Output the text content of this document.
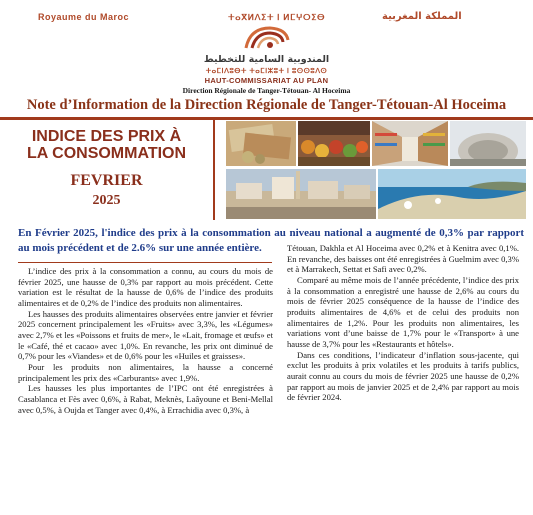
Royaume du Maroc	ⵜⴰⴳⵍⴷⵉⵜ ⵏ ⵍⵎⵖⵔⵉⴱ	المملكة المغربية
المندوبية السامية للتخطيط
ⵜⴰⵎⵏⴷⵓⴱⵜ ⵜⴰⵎⵏⵣⵓⵜ ⵏ ⵓⵙⵙⵓⴷⵙ
HAUT-COMMISSARIAT AU PLAN
Direction Régionale de Tanger-Tétouan- Al Hoceima
Note d’Information de la Direction Régionale de Tanger-Tétouan-Al Hoceima
INDICE DES PRIX À
LA CONSOMMATION
FEVRIER
2025
En Février 2025, l'indice des prix à la consommation au niveau national a augmenté de 0,3% par rapport au mois précédent et de 2.6% sur une année entière.

L’indice des prix à la consommation a connu, au cours du mois de février 2025, une hausse de 0,3% par rapport au mois précédent. Cette variation est le résultat de la hausse de 0,6% de l’indice des produits alimentaires et de 0,2% de l’indice des produits non alimentaires.

Les hausses des produits alimentaires observées entre janvier et février 2025 concernent principalement les «Fruits» avec 3,3%, les «Légumes» avec 2,7% et les «Poissons et fruits de mer», le «Lait, fromage et œufs» et le «Café, thé et cacao» avec 1,0%. En revanche, les prix ont diminué de 0,7% pour les «Viandes» et de 0,6% pour les «Huiles et graisses».

Pour les produits non alimentaires, la hausse a concerné principalement les prix des «Carburants» avec 1,9%.

Les hausses les plus importantes de l’IPC ont été enregistrées à Casablanca et Fès avec 0,6%, à Rabat, Meknès, Laâyoune et Beni-Mellal avec 0,5%, à Oujda et Tanger avec 0,4%, à Errachidia avec 0,3%, à

Tétouan, Dakhla et Al Hoceima avec 0,2% et à Kenitra avec 0,1%. En revanche, des baisses ont été enregistrées à Guelmim avec 0,3% et à Marrakech, Settat et Safi avec 0,2%.

Comparé au même mois de l’année précédente, l’indice des prix à la consommation a enregistré une hausse de 2,6% au cours du mois de février 2025 conséquence de la hausse de l’indice des produits alimentaires de 4,6% et de celui des produits non alimentaires de 1,2%. Pour les produits non alimentaires, les variations vont d’une baisse de 1,7% pour le «Transport» à une hausse de 3,7% pour les «Restaurants et hôtels».

Dans ces conditions, l’indicateur d’inflation sous-jacente, qui exclut les produits à prix volatiles et les produits à tarifs publics, aurait connu au cours du mois de février 2025 une hausse de 0,2% par rapport au mois de janvier 2025 et de 2,4% par rapport au mois de février 2024.
